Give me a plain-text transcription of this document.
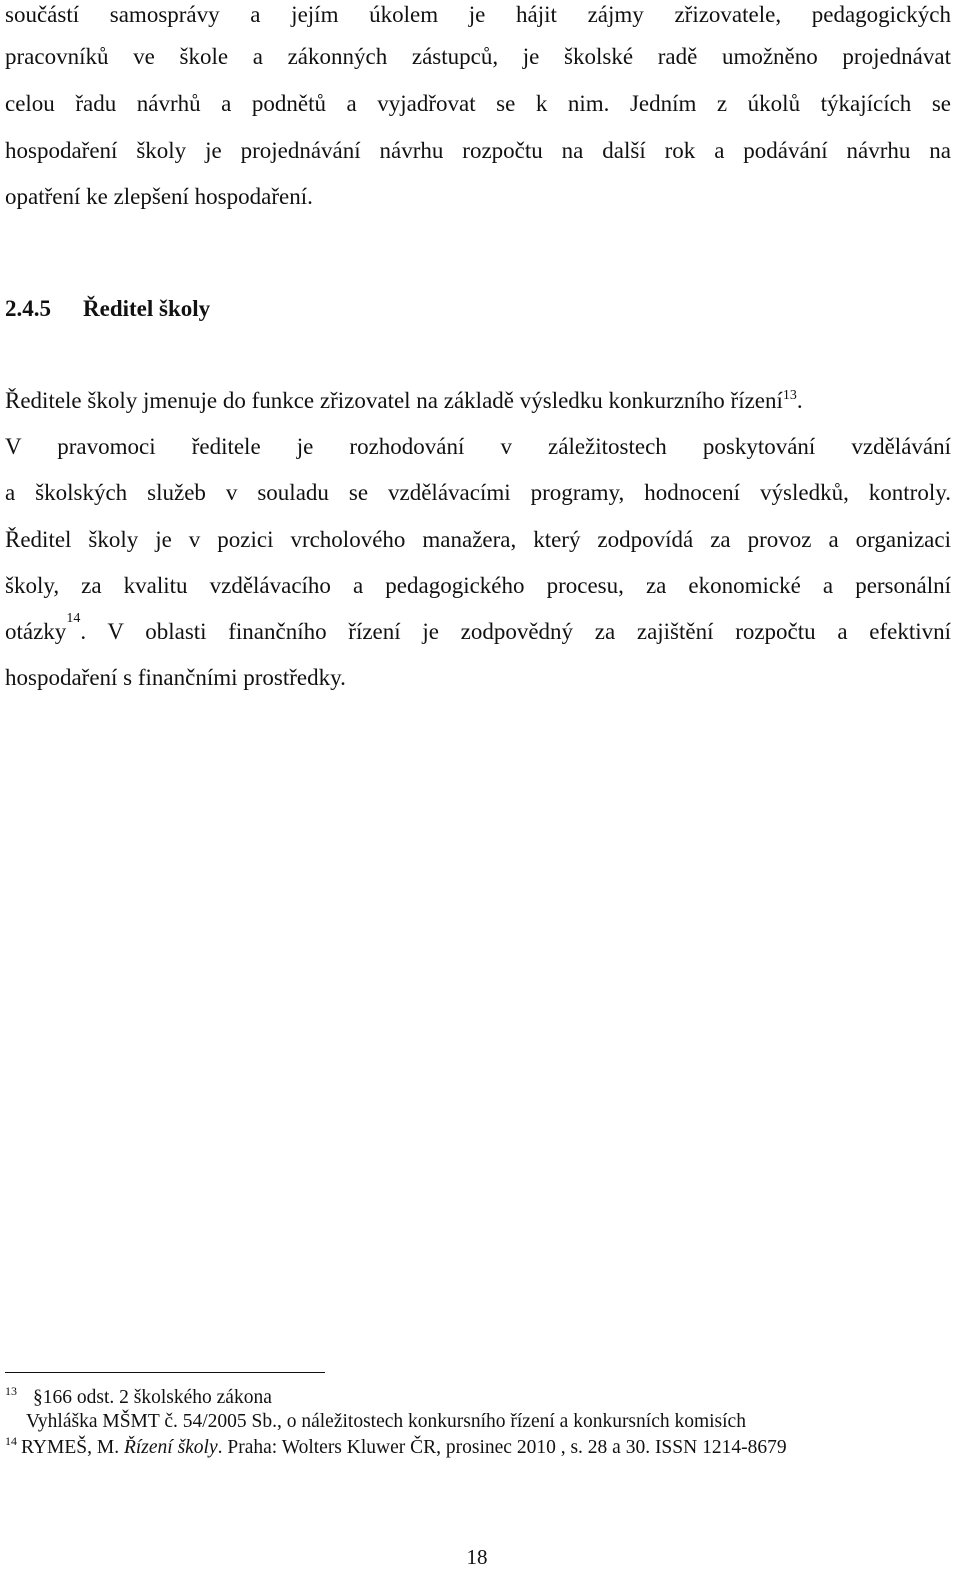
součástí samosprávy a jejím úkolem je hájit zájmy zřizovatele, pedagogických
pracovníků ve škole a zákonných zástupců, je školské radě umožněno projednávat
celou řadu návrhů a podnětů a vyjadřovat se k nim. Jedním z úkolů týkajících se
hospodaření školy je projednávání návrhu rozpočtu na další rok a podávání návrhu na
opatření ke zlepšení hospodaření.
2.4.5 Ředitel školy
Ředitele školy jmenuje do funkce zřizovatel na základě výsledku konkurzního řízení$^{13}$.
V pravomoci ředitele je rozhodování v záležitostech poskytování vzdělávání
a školských služeb v souladu se vzdělávacími programy, hodnocení výsledků, kontroly.
Ředitel školy je v pozici vrcholového manažera, který zodpovídá za provoz a organizaci
školy, za kvalitu vzdělávacího a pedagogického procesu, za ekonomické a personální
otázky
14
. V oblasti finančního řízení je zodpovědný za zajištění rozpočtu a efektivní
hospodaření s finančními prostředky.
$^{13}$ §166 odst. 2 školského zákona
Vyhláška MŠMT č. 54/2005 Sb., o náležitostech konkursního řízení a konkursních komisích
$^{14}$ RYMEŠ, M. Řízení školy. Praha: Wolters Kluwer ČR, prosinec 2010 , s. 28 a 30. ISSN 1214-8679
18
